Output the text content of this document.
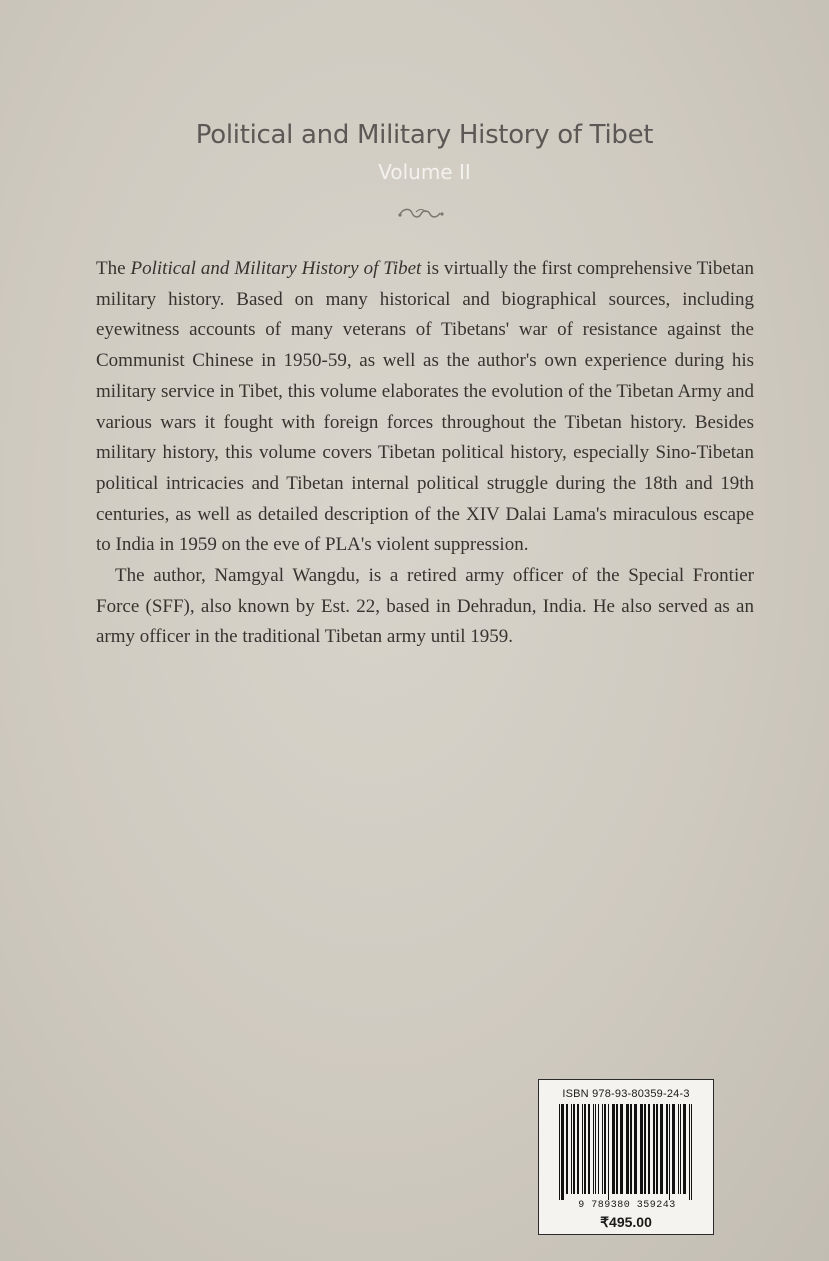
Political and Military History of Tibet
Volume II

The Political and Military History of Tibet is virtually the first comprehensive Tibetan military history. Based on many historical and biographical sources, including eyewitness accounts of many veterans of Tibetans' war of resistance against the Communist Chinese in 1950-59, as well as the author's own experience during his military service in Tibet, this volume elaborates the evolution of the Tibetan Army and various wars it fought with foreign forces throughout the Tibetan history. Besides military history, this volume covers Tibetan political history, especially Sino-Tibetan political intricacies and Tibetan internal political struggle during the 18th and 19th centuries, as well as detailed description of the XIV Dalai Lama's miraculous escape to India in 1959 on the eve of PLA's violent suppression.

The author, Namgyal Wangdu, is a retired army officer of the Special Frontier Force (SFF), also known by Est. 22, based in Dehradun, India. He also served as an army officer in the traditional Tibetan army until 1959.

ISBN 978-93-80359-24-3
9 789380 359243
₹495.00
